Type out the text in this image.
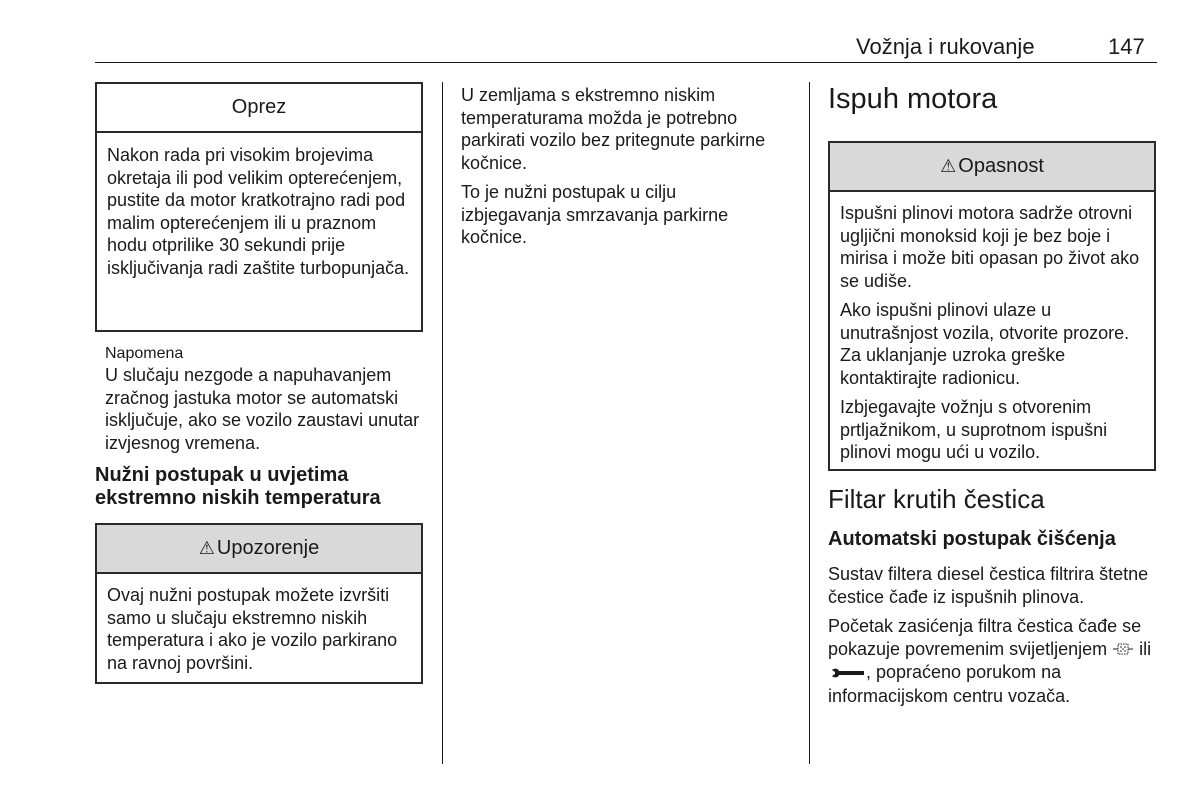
Vožnja i rukovanje	147
Oprez

Nakon rada pri visokim brojevima okretaja ili pod velikim opterećenjem, pustite da motor kratkotrajno radi pod malim opterećenjem ili u praznom hodu otprilike 30 sekundi prije isključivanja radi zaštite turbopunjača.

Napomena

U slučaju nezgode a napuhavanjem zračnog jastuka motor se automatski isključuje, ako se vozilo zaustavi unutar izvjesnog vremena.

Nužni postupak u uvjetima ekstremno niskih temperatura
⚠ Upozorenje

Ovaj nužni postupak možete izvršiti samo u slučaju ekstremno niskih temperatura i ako je vozilo parkirano na ravnoj površini.

U zemljama s ekstremno niskim temperaturama možda je potrebno parkirati vozilo bez pritegnute parkirne kočnice.

To je nužni postupak u cilju izbjegavanja smrzavanja parkirne kočnice.

Ispuh motora
⚠ Opasnost

Ispušni plinovi motora sadrže otrovni ugljični monoksid koji je bez boje i mirisa i može biti opasan po život ako se udiše.

Ako ispušni plinovi ulaze u unutrašnjost vozila, otvorite prozore. Za uklanjanje uzroka greške kontaktirajte radionicu.

Izbjegavajte vožnju s otvorenim prtljažnikom, u suprotnom ispušni plinovi mogu ući u vozilo.

Filtar krutih čestica
Automatski postupak čišćenja

Sustav filtera diesel čestica filtrira štetne čestice čađe iz ispušnih plinova.

Početak zasićenja filtra čestica čađe se pokazuje povremenim svijetljenjem ili , popraćeno porukom na informacijskom centru vozača.
